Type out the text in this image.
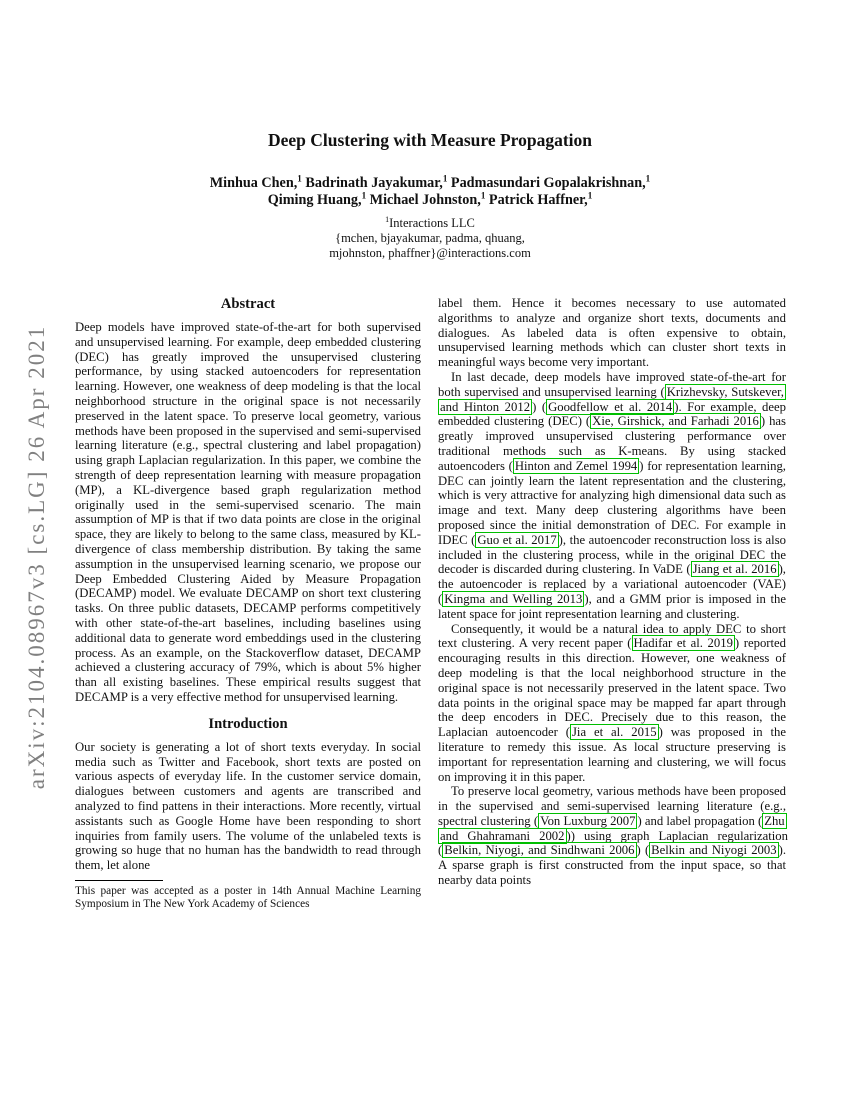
arXiv:2104.08967v3 [cs.LG] 26 Apr 2021
Deep Clustering with Measure Propagation

Minhua Chen,$^1$ Badrinath Jayakumar,$^1$ Padmasundari Gopalakrishnan,$^1$

Qiming Huang,$^1$ Michael Johnston,$^1$ Patrick Haffner,$^1$

$^1$Interactions LLC
{mchen, bjayakumar, padma, qhuang,
mjohnston, phaffner}@interactions.com
Abstract

Deep models have improved state-of-the-art for both supervised and unsupervised learning. For example, deep embedded clustering (DEC) has greatly improved the unsupervised clustering performance, by using stacked autoencoders for representation learning. However, one weakness of deep modeling is that the local neighborhood structure in the original space is not necessarily preserved in the latent space. To preserve local geometry, various methods have been proposed in the supervised and semi-supervised learning literature (e.g., spectral clustering and label propagation) using graph Laplacian regularization. In this paper, we combine the strength of deep representation learning with measure propagation (MP), a KL-divergence based graph regularization method originally used in the semi-supervised scenario. The main assumption of MP is that if two data points are close in the original space, they are likely to belong to the same class, measured by KL-divergence of class membership distribution. By taking the same assumption in the unsupervised learning scenario, we propose our Deep Embedded Clustering Aided by Measure Propagation (DECAMP) model. We evaluate DECAMP on short text clustering tasks. On three public datasets, DECAMP performs competitively with other state-of-the-art baselines, including baselines using additional data to generate word embeddings used in the clustering process. As an example, on the Stackoverflow dataset, DECAMP achieved a clustering accuracy of 79%, which is about 5% higher than all existing baselines. These empirical results suggest that DECAMP is a very effective method for unsupervised learning.

Introduction

Our society is generating a lot of short texts everyday. In social media such as Twitter and Facebook, short texts are posted on various aspects of everyday life. In the customer service domain, dialogues between customers and agents are transcribed and analyzed to find pattens in their interactions. More recently, virtual assistants such as Google Home have been responding to short inquiries from family users. The volume of the unlabeled texts is growing so huge that no human has the bandwidth to read through them, let alone

This paper was accepted as a poster in 14th Annual Machine Learning Symposium in The New York Academy of Sciences

label them. Hence it becomes necessary to use automated algorithms to analyze and organize short texts, documents and dialogues. As labeled data is often expensive to obtain, unsupervised learning methods which can cluster short texts in meaningful ways become very important.

In last decade, deep models have improved state-of-the-art for both supervised and unsupervised learning ( Krizhevsky, Sutskever, and Hinton 2012 ) ( Goodfellow et al. 2014 ). For example, deep embedded clustering (DEC) ( Xie, Girshick, and Farhadi 2016 ) has greatly improved unsupervised clustering performance over traditional methods such as K-means. By using stacked autoencoders ( Hinton and Zemel 1994 ) for representation learning, DEC can jointly learn the latent representation and the clustering, which is very attractive for analyzing high dimensional data such as image and text. Many deep clustering algorithms have been proposed since the initial demonstration of DEC. For example in IDEC ( Guo et al. 2017 ), the autoencoder reconstruction loss is also included in the clustering process, while in the original DEC the decoder is discarded during clustering. In VaDE ( Jiang et al. 2016 ), the autoencoder is replaced by a variational autoencoder (VAE) ( Kingma and Welling 2013 ), and a GMM prior is imposed in the latent space for joint representation learning and clustering.

Consequently, it would be a natural idea to apply DEC to short text clustering. A very recent paper ( Hadifar et al. 2019 ) reported encouraging results in this direction. However, one weakness of deep modeling is that the local neighborhood structure in the original space is not necessarily preserved in the latent space. Two data points in the original space may be mapped far apart through the deep encoders in DEC. Precisely due to this reason, the Laplacian autoencoder ( Jia et al. 2015 ) was proposed in the literature to remedy this issue. As local structure preserving is important for representation learning and clustering, we will focus on improving it in this paper.

To preserve local geometry, various methods have been proposed in the supervised and semi-supervised learning literature (e.g., spectral clustering ( Von Luxburg 2007 ) and label propagation ( Zhu and Ghahramani 2002 )) using graph Laplacian regularization ( Belkin, Niyogi, and Sindhwani 2006 ) ( Belkin and Niyogi 2003 ). A sparse graph is first constructed from the input space, so that nearby data points
